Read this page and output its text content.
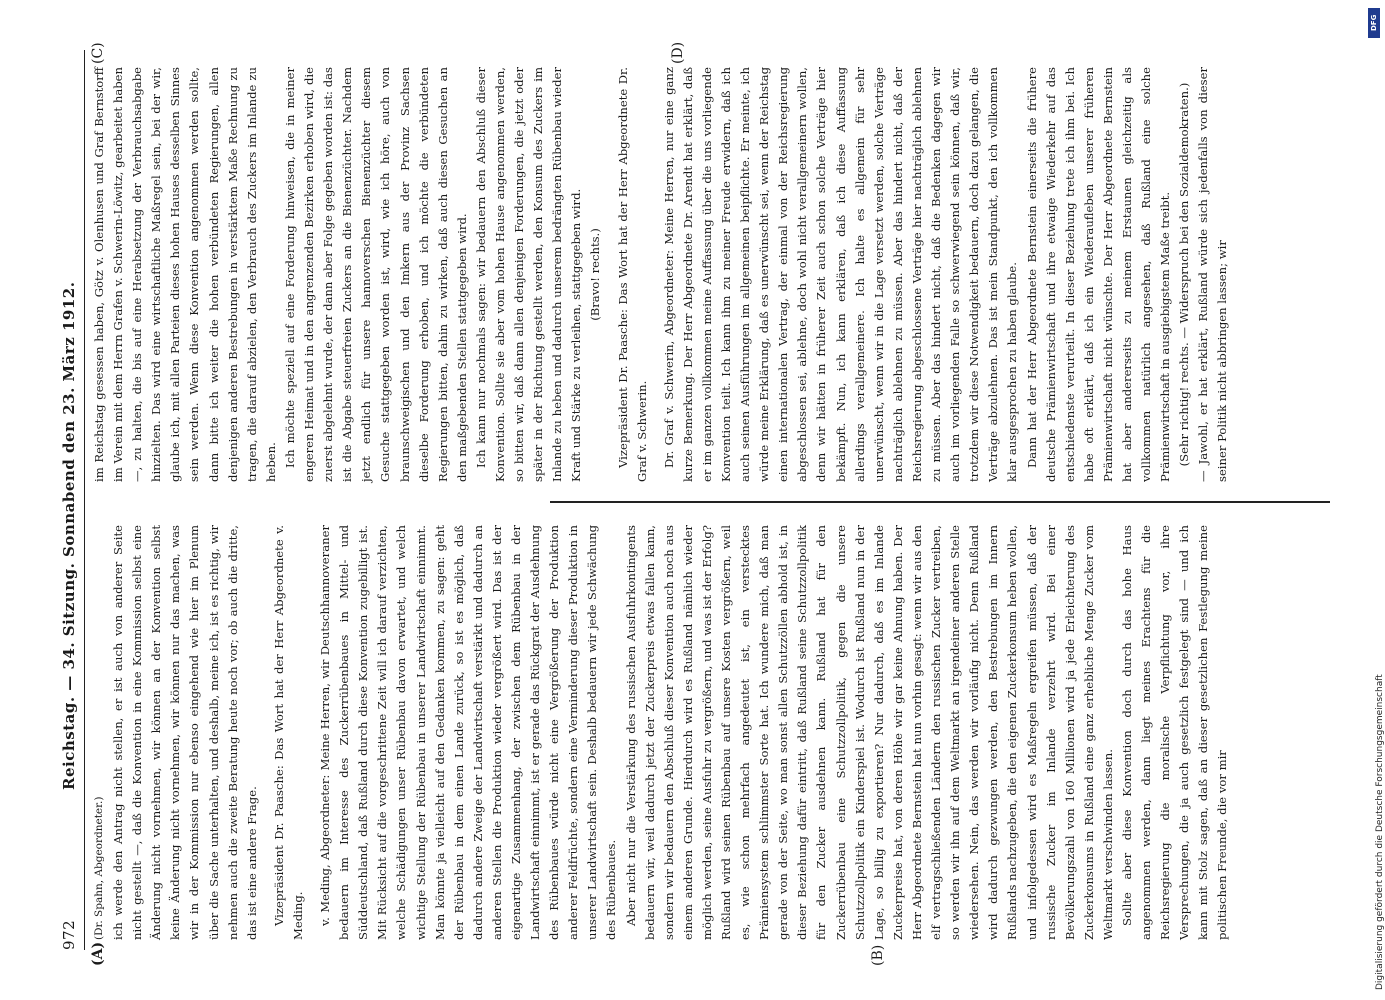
972
Reichstag. — 34. Sitzung. Sonnabend den 23. März 1912.
(A)	(B)
(C)	(D)

(Dr. Spahn, Abgeordneter.) ich werde den Antrag nicht stellen, er ist auch von anderer Seite nicht gestellt —, daß die Konvention in eine Kommission selbst eine Änderung nicht vornehmen, wir können an der Konvention selbst keine Änderung nicht vornehmen, wir können nur das machen, was wir in der Kommission nur ebenso eingehend wie hier im Plenum über die Sache unterhalten, und deshalb, meine ich, ist es richtig, wir nehmen auch die zweite Beratung heute noch vor; ob auch die dritte, das ist eine andere Frage. Vizepräsident Dr. Paasche: Das Wort hat der Herr Abgeordnete v. Meding. v. Meding, Abgeordneter: Meine Herren, wir Deutschhannoveraner bedauern im Interesse des Zuckerrübenbaues in Mittel- und Süddeutschland, daß Rußland durch diese Konvention zugebilligt ist. Mit Rücksicht auf die vorgeschrittene Zeit will ich darauf verzichten, welche Schädigungen unser Rübenbau davon erwartet, und welch wichtige Stellung der Rübenbau in unserer Landwirtschaft einnimmt. Man könnte ja vielleicht auf den Gedanken kommen, zu sagen: geht der Rübenbau in dem einen Lande zurück, so ist es möglich, daß dadurch andere Zweige der Landwirtschaft verstärkt und dadurch an anderen Stellen die Produktion wieder vergrößert wird. Das ist der eigenartige Zusammenhang, der zwischen dem Rübenbau in der Landwirtschaft einnimmt, ist er gerade das Rückgrat der Ausdehnung des Rübenbaues würde nicht eine Vergrößerung der Produktion anderer Feldfrüchte, sondern eine Verminderung dieser Produktion in unserer Landwirtschaft sein. Deshalb bedauern wir jede Schwächung des Rübenbaues. Aber nicht nur die Verstärkung des russischen Ausfuhrkontingents bedauern wir, weil dadurch jetzt der Zuckerpreis etwas fallen kann, sondern wir bedauern den Abschluß dieser Konvention auch noch aus einem anderen Grunde. Hierdurch wird es Rußland nämlich wieder möglich werden, seine Ausfuhr zu vergrößern, und was ist der Erfolg? Rußland wird seinen Rübenbau auf unsere Kosten vergrößern, weil es, wie schon mehrfach angedeutet ist, ein verstecktes Prämiensystem schlimmster Sorte hat. Ich wundere mich, daß man gerade von der Seite, wo man sonst allen Schutzzöllen abhold ist, in dieser Beziehung dafür eintritt, daß Rußland seine Schutzzollpolitik für den Zucker ausdehnen kann. Rußland hat für den Zuckerrübenbau eine Schutzzollpolitik, gegen die unsere Schutzzollpolitik ein Kinderspiel ist. Wodurch ist Rußland nun in der Lage, so billig zu exportieren? Nur dadurch, daß es im Inlande Zuckerpreise hat, von deren Höhe wir gar keine Ahnung haben. Der Herr Abgeordnete Bernstein hat nun vorhin gesagt: wenn wir aus den elf vertragschließenden Ländern den russischen Zucker vertreiben, so werden wir ihn auf dem Weltmarkt an irgendeiner anderen Stelle wiedersehen. Nein, das werden wir vorläufig nicht. Denn Rußland wird dadurch gezwungen werden, den Bestrebungen im Innern Rußlands nachzugeben, die den eigenen Zuckerkonsum heben wollen, und infolgedessen wird es Maßregeln ergreifen müssen, daß der russische Zucker im Inlande verzehrt wird. Bei einer Bevölkerungszahl von 160 Millionen wird ja jede Erleichterung des Zuckerkonsums in Rußland eine ganz erhebliche Menge Zucker vom Weltmarkt verschwinden lassen. Sollte aber diese Konvention doch durch das hohe Haus angenommen werden, dann liegt meines Erachtens für die Reichsregierung die moralische Verpflichtung vor, ihre Versprechungen, die ja auch gesetzlich festgelegt sind — und ich kann mit Stolz sagen, daß an dieser gesetzlichen Festlegung meine politischen Freunde, die vor mir

im Reichstag gesessen haben, Götz v. Olenhusen und Graf Bernstorff im Verein mit dem Herrn Grafen v. Schwerin-Löwitz, gearbeitet haben —, zu halten, die bis auf eine Herabsetzung der Verbrauchsabgabe hinzielten. Das wird eine wirtschaftliche Maßregel sein, bei der wir, glaube ich, mit allen Parteien dieses hohen Hauses desselben Sinnes sein werden. Wenn diese Konvention angenommen werden sollte, dann bitte ich weiter die hohen verbündeten Regierungen, allen denjenigen anderen Bestrebungen in verstärktem Maße Rechnung zu tragen, die darauf abzielen, den Verbrauch des Zuckers im Inlande zu heben. Ich möchte speziell auf eine Forderung hinweisen, die in meiner engeren Heimat und in den angrenzenden Bezirken erhoben wird, die zuerst abgelehnt wurde, der dann aber Folge gegeben worden ist: das ist die Abgabe steuerfreien Zuckers an die Bienenzüchter. Nachdem jetzt endlich für unsere hannoverschen Bienenzüchter diesem Gesuche stattgegeben worden ist, wird, wie ich höre, auch von braunschweigischen und den Imkern aus der Provinz Sachsen dieselbe Forderung erhoben, und ich möchte die verbündeten Regierungen bitten, dahin zu wirken, daß auch diesen Gesuchen an den maßgebenden Stellen stattgegeben wird. Ich kann nur nochmals sagen: wir bedauern den Abschluß dieser Konvention. Sollte sie aber vom hohen Hause angenommen werden, so bitten wir, daß dann allen denjenigen Forderungen, die jetzt oder später in der Richtung gestellt werden, den Konsum des Zuckers im Inlande zu heben und dadurch unserem bedrängten Rübenbau wieder Kraft und Stärke zu verleihen, stattgegeben wird. (Bravo! rechts.) Vizepräsident Dr. Paasche: Das Wort hat der Herr Abgeordnete Dr. Graf v. Schwerin. Dr. Graf v. Schwerin, Abgeordneter: Meine Herren, nur eine ganz kurze Bemerkung. Der Herr Abgeordnete Dr. Arendt hat erklärt, daß er im ganzen vollkommen meine Auffassung über die uns vorliegende Konvention teilt. Ich kann ihm zu meiner Freude erwidern, daß ich auch seinen Ausführungen im allgemeinen beipflichte. Er meinte, ich würde meine Erklärung, daß es unerwünscht sei, wenn der Reichstag einen internationalen Vertrag, der einmal von der Reichsregierung abgeschlossen sei, ablehne, doch wohl nicht verallgemeinern wollen, denn wir hätten in früherer Zeit auch schon solche Verträge hier bekämpft. Nun, ich kann erklären, daß ich diese Auffassung allerdings verallgemeinere. Ich halte es allgemein für sehr unerwünscht, wenn wir in die Lage versetzt werden, solche Verträge nachträglich ablehnen zu müssen. Aber das hindert nicht, daß der Reichsregierung abgeschlossene Verträge hier nachträglich ablehnen zu müssen. Aber das hindert nicht, daß die Bedenken dagegen wir auch im vorliegenden Falle so schwerwiegend sein können, daß wir, trotzdem wir diese Notwendigkeit bedauern, doch dazu gelangen, die Verträge abzulehnen. Das ist mein Standpunkt, den ich vollkommen klar ausgesprochen zu haben glaube. Dann hat der Herr Abgeordnete Bernstein einerseits die frühere deutsche Prämienwirtschaft und ihre etwaige Wiederkehr auf das entschiedenste verurteilt. In dieser Beziehung trete ich ihm bei. Ich habe oft erklärt, daß ich ein Wiederaufleben unserer früheren Prämienwirtschaft nicht wünschte. Der Herr Abgeordnete Bernstein hat aber andererseits zu meinem Erstaunen gleichzeitig als vollkommen natürlich angesehen, daß Rußland eine solche Prämienwirtschaft in ausgiebigstem Maße treibt. (Sehr richtig! rechts. — Widerspruch bei den Sozialdemokraten.) — Jawohl, er hat erklärt, Rußland würde sich jedenfalls von dieser seiner Politik nicht abbringen lassen; wir

Digitalisierung gefördert durch die Deutsche Forschungsgemeinschaft
DFG
